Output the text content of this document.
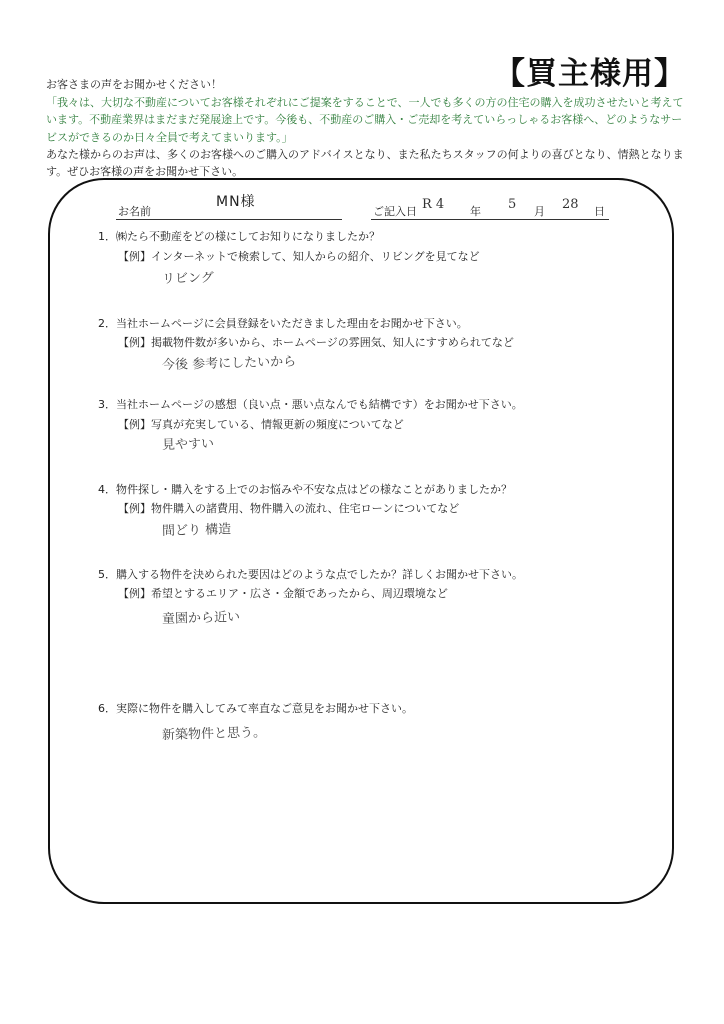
【買主様用】
お客さまの声をお聞かせください！
「我々は、大切な不動産についてお客様それぞれにご提案をすることで、一人でも多くの方の住宅の購入を成功させたいと考えています。不動産業界はまだまだ発展途上です。今後も、不動産のご購入・ご売却を考えていらっしゃるお客様へ、どのようなサービスができるのか日々全員で考えてまいります。」
あなた様からのお声は、多くのお客様へのご購入のアドバイスとなり、また私たちスタッフの何よりの喜びとなり、情熱となります。ぜひお客様の声をお聞かせ下さい。
お名前
MN様
ご記入日 R 4 年 5 月 28 日
1．㈱たら不動産をどの様にしてお知りになりましたか？
【例】インターネットで検索して、知人からの紹介、リビングを見てなど
リビング
2．当社ホームページに会員登録をいただきました理由をお聞かせ下さい。
【例】掲載物件数が多いから、ホームページの雰囲気、知人にすすめられてなど
今後 参考にしたいから
3．当社ホームページの感想（良い点・悪い点なんでも結構です）をお聞かせ下さい。
【例】写真が充実している、情報更新の頻度についてなど
見やすい
4．物件探し・購入をする上でのお悩みや不安な点はどの様なことがありましたか？
【例】物件購入の諸費用、物件購入の流れ、住宅ローンについてなど
間どり 構造
5．購入する物件を決められた要因はどのような点でしたか？詳しくお聞かせ下さい。
【例】希望とするエリア・広さ・金額であったから、周辺環境など
童園から近い
6．実際に物件を購入してみて率直なご意見をお聞かせ下さい。
新築物件と思う。
